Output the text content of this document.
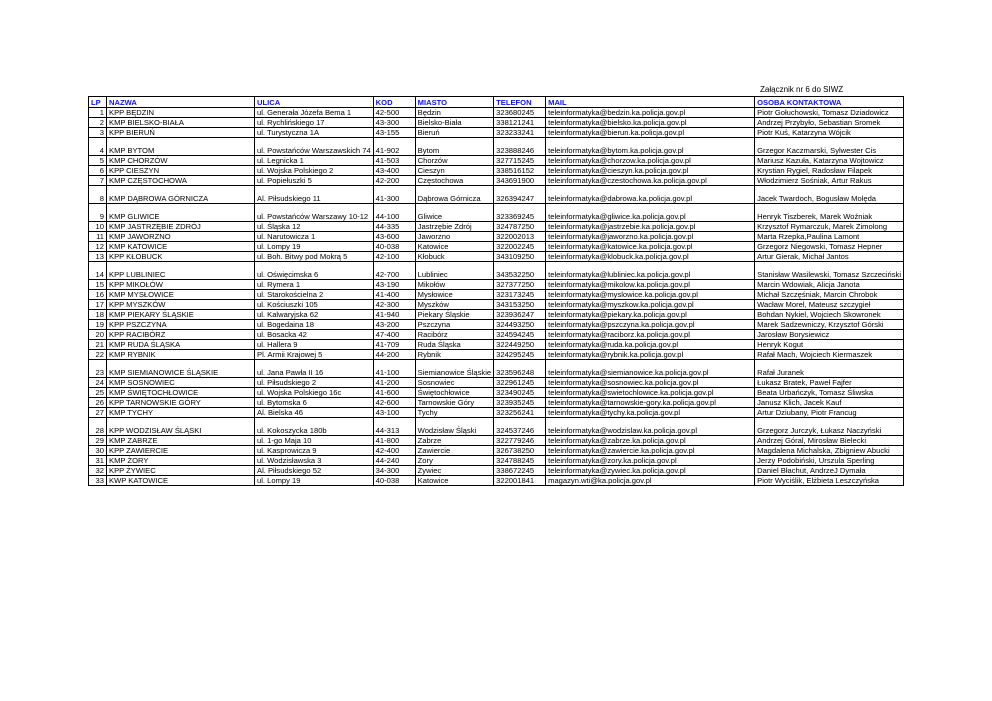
Załącznik nr 6 do SIWZ
LP	NAZWA	ULICA	KOD	MIASTO	TELEFON	MAIL	OSOBA KONTAKTOWA
1	KPP BĘDZIN	ul. Generała Józefa Bema 1	42-500	Będzin	323680245	teleinformatyka@bedzin.ka.policja.gov.pl	Piotr Gołuchowski, Tomasz Dziadowicz
2	KMP BIELSKO-BIAŁA	ul. Rychlińskiego 17	43-300	Bielsko-Biała	338121241	teleinformatyka@bielsko.ka.policja.gov.pl	Andrzej Przybyło, Sebastian Sromek
3	KPP BIERUŃ	ul. Turystyczna 1A	43-155	Bieruń	323233241	teleinformatyka@bierun.ka.policja.gov.pl	Piotr Kuś, Katarzyna Wójcik
4	KMP BYTOM	ul. Powstańców Warszawskich 74	41-902	Bytom	323888246	teleinformatyka@bytom.ka.policja.gov.pl	Grzegor Kaczmarski, Sylwester Cis
5	KMP CHORZÓW	ul. Legnicka 1	41-503	Chorzów	327715245	teleinformatyka@chorzow.ka.policja.gov.pl	Mariusz Kazuła, Katarzyna Wojtowicz
6	KPP CIESZYN	ul. Wojska Polskiego 2	43-400	Cieszyn	338516152	teleinformatyka@cieszyn.ka.policja.gov.pl	Krystian Rygiel, Radosław Filapek
7	KMP CZĘSTOCHOWA	ul. Popiełuszki 5	42-200	Częstochowa	343691900	teleinformatyka@czestochowa.ka.policja.gov.pl	Włodzimierz Sośniak, Artur Rakus
8	KMP DĄBROWA GÓRNICZA	Al. Piłsudskiego 11	41-300	Dąbrowa Górnicza	326394247	teleinformatyka@dabrowa.ka.policja.gov.pl	Jacek Twardoch, Bogusław Molęda
9	KMP GLIWICE	ul. Powstańców Warszawy 10-12	44-100	Gliwice	323369245	teleinformatyka@gliwice.ka.policja.gov.pl	Henryk Tiszberek, Marek Woźniak
10	KMP JASTRZĘBIE ZDRÓJ	ul. Śląska 12	44-335	Jastrzębie Zdrój	324787250	teleinformatyka@jastrzebie.ka.policja.gov.pl	Krzysztof Rymarczuk, Marek Zimolong
11	KMP JAWORZNO	ul. Narutowicza 1	43-600	Jaworzno	322002013	teleinformatyka@jaworzno.ka.policja.gov.pl	Marta Rzepka,Paulina Lamont
12	KMP KATOWICE	ul. Lompy 19	40-038	Katowice	322002245	teleinformatyka@katowice.ka.policja.gov.pl	Grzegorz Niegowski, Tomasz Hepner
13	KPP KŁOBUCK	ul. Boh. Bitwy pod Mokrą 5	42-100	Kłobuck	343109250	teleinformatyka@klobuck.ka.policja.gov.pl	Artur Gierak, Michał Jantos
14	KPP LUBLINIEC	ul. Oświęcimska 6	42-700	Lubliniec	343532250	teleinformatyka@lubliniec.ka.policja.gov.pl	Stanisław Wasilewski, Tomasz Szczeciński
15	KPP MIKOŁÓW	ul. Rymera 1	43-190	Mikołów	327377250	teleinformatyka@mikolow.ka.policja.gov.pl	Marcin Wdowiak, Alicja Janota
16	KMP MYSŁOWICE	ul. Starokościelna 2	41-400	Mysłowice	323173245	teleinformatyka@myslowice.ka.policja.gov.pl	Michał Szczęśniak, Marcin Chrobok
17	KPP MYSZKÓW	ul. Kościuszki 105	42-300	Myszków	343153250	teleinformatyka@myszkow.ka.policja.gov.pl	Wacław Morel, Mateusz szczygieł
18	KMP PIEKARY ŚLĄSKIE	ul. Kalwaryjska 62	41-940	Piekary Śląskie	323936247	teleinformatyka@piekary.ka.policja.gov.pl	Bohdan Nykiel, Wojciech Skowronek
19	KPP PSZCZYNA	ul. Bogedaina 18	43-200	Pszczyna	324493250	teleinformatyka@pszczyna.ka.policja.gov.pl	Marek Sadzewniczy, Krzysztof Górski
20	KPP RACIBÓRZ	ul. Bosacka 42	47-400	Racibórz	324594245	teleinformatyka@raciborz.ka.policja.gov.pl	Jarosław Borysiewicz
21	KMP RUDA ŚLĄSKA	ul. Hallera 9	41-709	Ruda Śląska	322449250	teleinformatyka@ruda.ka.policja.gov.pl	Henryk Kogut
22	KMP RYBNIK	Pl. Armii Krajowej 5	44-200	Rybnik	324295245	teleinformatyka@rybnik.ka.policja.gov.pl	Rafał Mach, Wojciech Kiermaszek
23	KMP SIEMIANOWICE ŚLĄSKIE	ul. Jana Pawła II 16	41-100	Siemianowice Śląskie	323596248	teleinformatyka@siemianowice.ka.policja.gov.pl	Rafał Juranek
24	KMP SOSNOWIEC	ul. Piłsudskiego 2	41-200	Sosnowiec	322961245	teleinformatyka@sosnowiec.ka.policja.gov.pl	Łukasz Bratek, Paweł Fajfer
25	KMP ŚWIĘTOCHŁOWICE	ul. Wojska Polskiego 16c	41-600	Świętochłowice	323490245	teleinformatyka@swietochlowice.ka.policja.gov.pl	Beata Urbańczyk, Tomasz Śliwska
26	KPP TARNOWSKIE GÓRY	ul. Bytomska 6	42-600	Tarnowskie Góry	323935245	teleinformatyka@tarnowskie-gory.ka.policja.gov.pl	Janusz Klich, Jacek Kauf
27	KMP TYCHY	Al. Bielska 46	43-100	Tychy	323256241	teleinformatyka@tychy.ka.policja.gov.pl	Artur Dziubany, Piotr Francug
28	KPP WODZISŁAW ŚLĄSKI	ul. Kokoszycka 180b	44-313	Wodzisław Śląski	324537246	teleinformatyka@wodzislaw.ka.policja.gov.pl	Grzegorz Jurczyk, Łukasz Naczyński
29	KMP ZABRZE	ul. 1-go Maja 10	41-800	Zabrze	322779246	teleinformatyka@zabrze.ka.policja.gov.pl	Andrzej Góral, Mirosław Bielecki
30	KPP ZAWIERCIE	ul. Kasprowicza 9	42-400	Zawiercie	326738250	teleinformatyka@zawiercie.ka.policja.gov.pl	Magdalena Michalska, Zbigniew Abucki
31	KMP ŻORY	ul. Wodzisławska 3	44-240	Żory	324788245	teleinformatyka@zory.ka.policja.gov.pl	Jerzy Podobiński, Urszula Sperling
32	KPP ŻYWIEC	Al. Piłsudskiego 52	34-300	Żywiec	338672245	teleinformatyka@zywiec.ka.policja.gov.pl	Daniel Błachut, AndrzeJ Dymała
33	KWP KATOWICE	ul. Lompy 19	40-038	Katowice	322001841	magazyn.wti@ka.policja.gov.pl	Piotr Wyciślik, Elżbieta Leszczyńska
